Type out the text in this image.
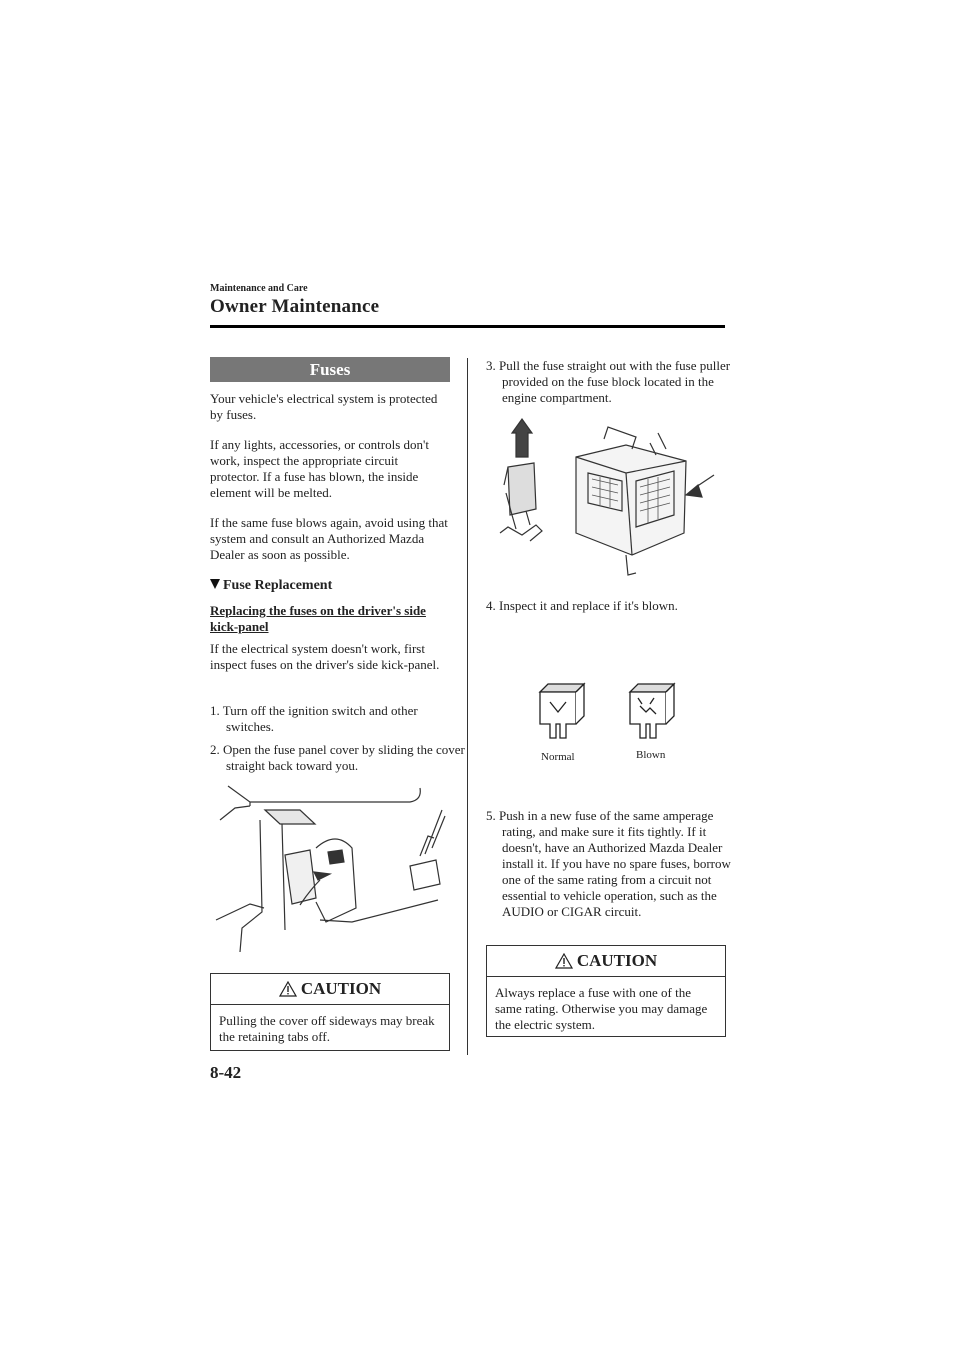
Maintenance and Care
Owner Maintenance
Fuses
Your vehicle's electrical system is protected by fuses.
If any lights, accessories, or controls don't work, inspect the appropriate circuit protector. If a fuse has blown, the inside element will be melted.
If the same fuse blows again, avoid using that system and consult an Authorized Mazda Dealer as soon as possible.
Fuse Replacement
Replacing the fuses on the driver's side kick-panel
If the electrical system doesn't work, first inspect fuses on the driver's side kick-panel.
1. Turn off the ignition switch and other switches.
2. Open the fuse panel cover by sliding the cover straight back toward you.
CAUTION
Pulling the cover off sideways may break the retaining tabs off.
3. Pull the fuse straight out with the fuse puller provided on the fuse block located in the engine compartment.
4. Inspect it and replace if it's blown.
Normal	Blown
5. Push in a new fuse of the same amperage rating, and make sure it fits tightly. If it doesn't, have an Authorized Mazda Dealer install it. If you have no spare fuses, borrow one of the same rating from a circuit not essential to vehicle operation, such as the AUDIO or CIGAR circuit.
CAUTION
Always replace a fuse with one of the same rating. Otherwise you may damage the electric system.
8-42
